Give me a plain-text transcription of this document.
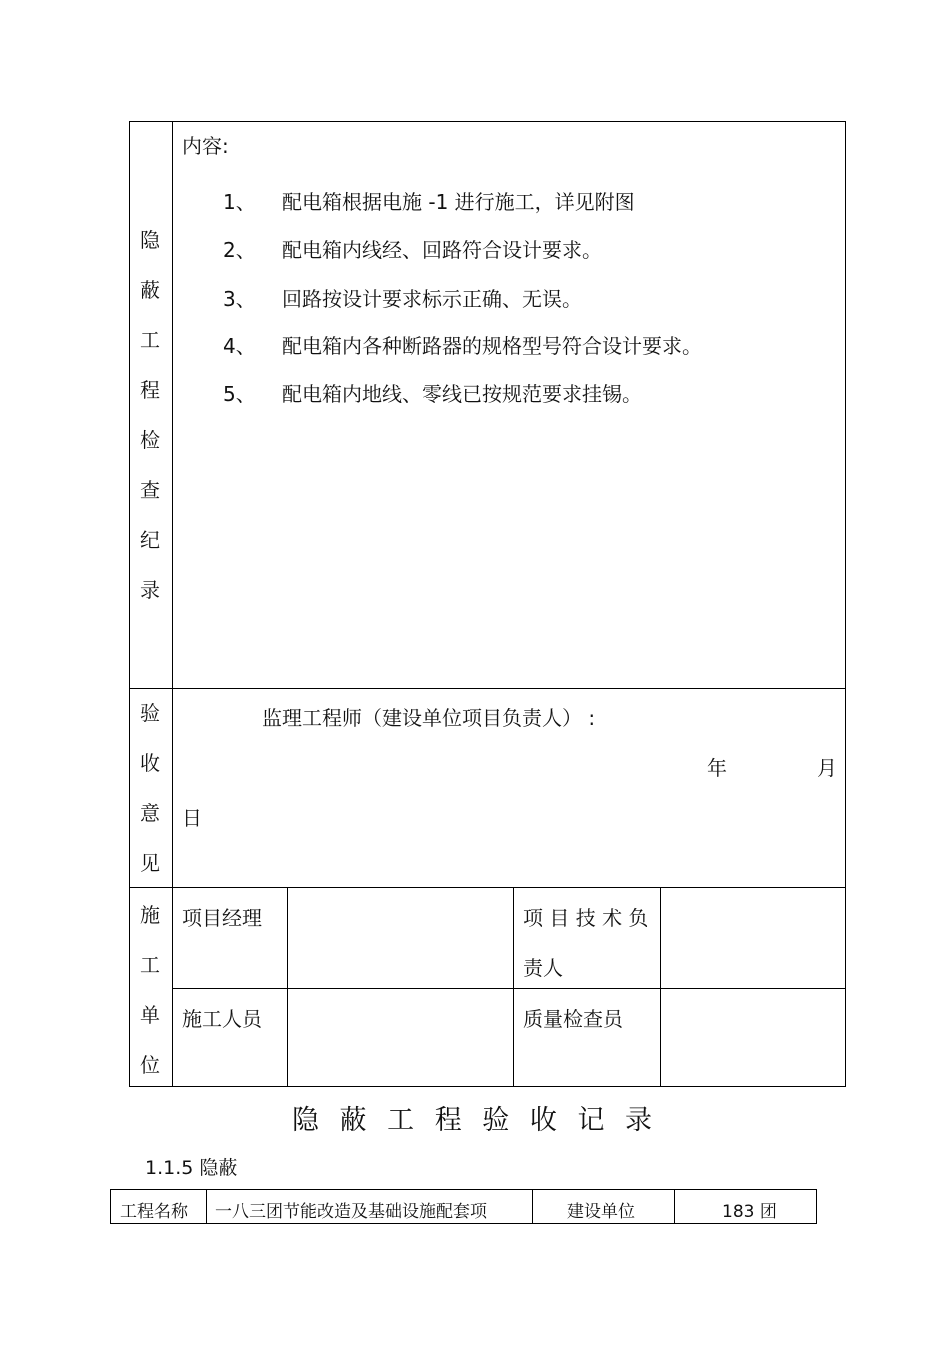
隐
蔽
工
程
检
查
纪
录
内容:
1、 配电箱根据电施 -1 进行施工，详见附图
2、 配电箱内线经、回路符合设计要求。
3、 回路按设计要求标示正确、无误。
4、 配电箱内各种断路器的规格型号符合设计要求。
5、 配电箱内地线、零线已按规范要求挂锡。
验
收
意
见
监理工程师（建设单位项目负责人） :
年	月
日
施
工
单
位
项目经理	项 目 技 术 负
责人
施工人员	质量检查员
隐 蔽 工 程 验 收 记 录
1.1.5 隐蔽
工程名称 一八三团节能改造及基础设施配套项	建设单位	183 团
